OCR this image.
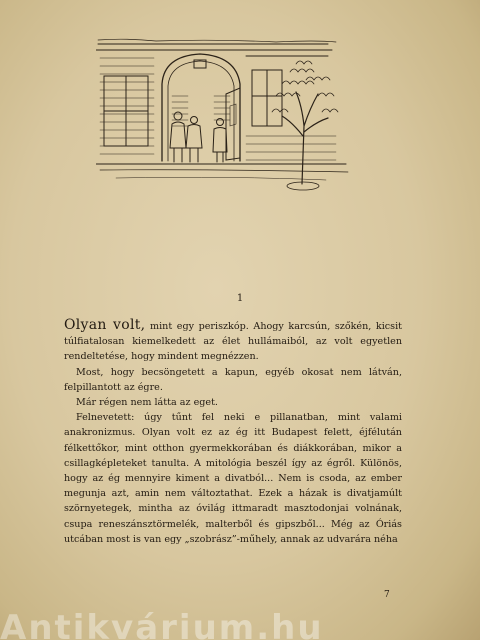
1

Olyan volt, mint egy periszkóp. Ahogy karcsún, szőkén, kicsit túlfiatalosan kiemelkedett az élet hullámaiból, az volt egyetlen rendeltetése, hogy mindent megnézzen.

Most, hogy becsöngetett a kapun, egyéb okosat nem látván, felpillantott az égre.

Már régen nem látta az eget.

Felnevetett: úgy tűnt fel neki e pillanatban, mint valami anakronizmus. Olyan volt ez az ég itt Budapest felett, éjfélután félkettőkor, mint otthon gyermekkorában és diákkorában, mikor a csillagképleteket tanulta. A mitológia beszél így az égről. Különös, hogy az ég mennyire kiment a divatból... Nem is csoda, az ember megunja azt, amin nem változtathat. Ezek a házak is divatjamúlt szörnyetegek, mintha az óvilág ittmaradt masztodonjai volnának, csupa reneszánsztörmelék, malterből és gipszből... Még az Óriás utcában most is van egy „szobrász”-műhely, annak az udvarára néha

7
Antikvárium.hu
